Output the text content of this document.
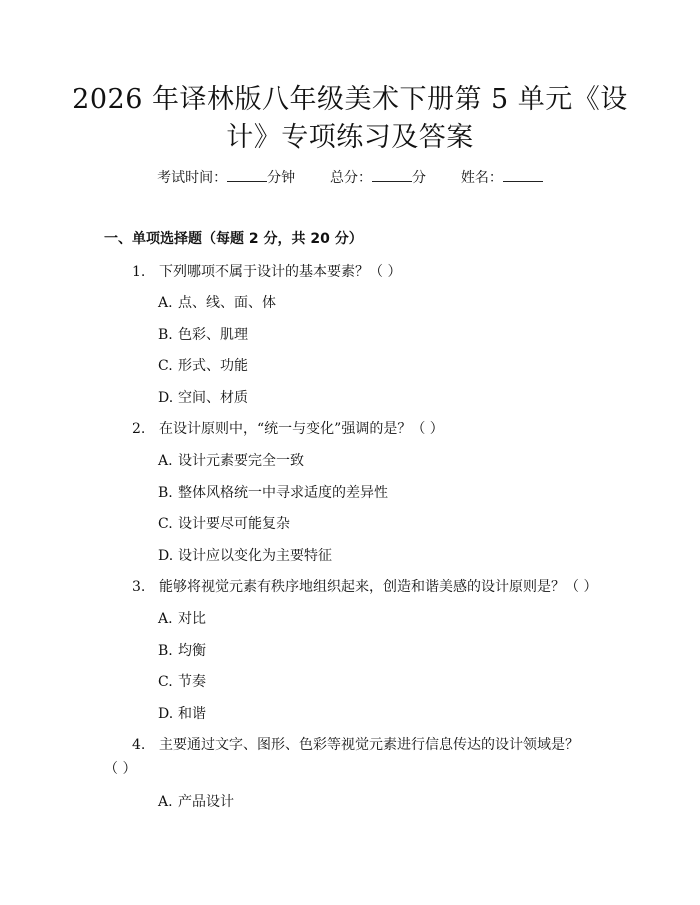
2026 年译林版八年级美术下册第 5 单元《设
计》专项练习及答案
考试时间：	分钟 总分：	分 姓名：
一、单项选择题（每题 2 分，共 20 分）
1. 下列哪项不属于设计的基本要素？（ ）
A. 点、线、面、体
B. 色彩、肌理
C. 形式、功能
D. 空间、材质
2. 在设计原则中，“统一与变化”强调的是？（ ）
A. 设计元素要完全一致
B. 整体风格统一中寻求适度的差异性
C. 设计要尽可能复杂
D. 设计应以变化为主要特征
3. 能够将视觉元素有秩序地组织起来，创造和谐美感的设计原则是？（ ）
A. 对比
B. 均衡
C. 节奏
D. 和谐
4. 主要通过文字、图形、色彩等视觉元素进行信息传达的设计领域是？
（ ）
A. 产品设计
